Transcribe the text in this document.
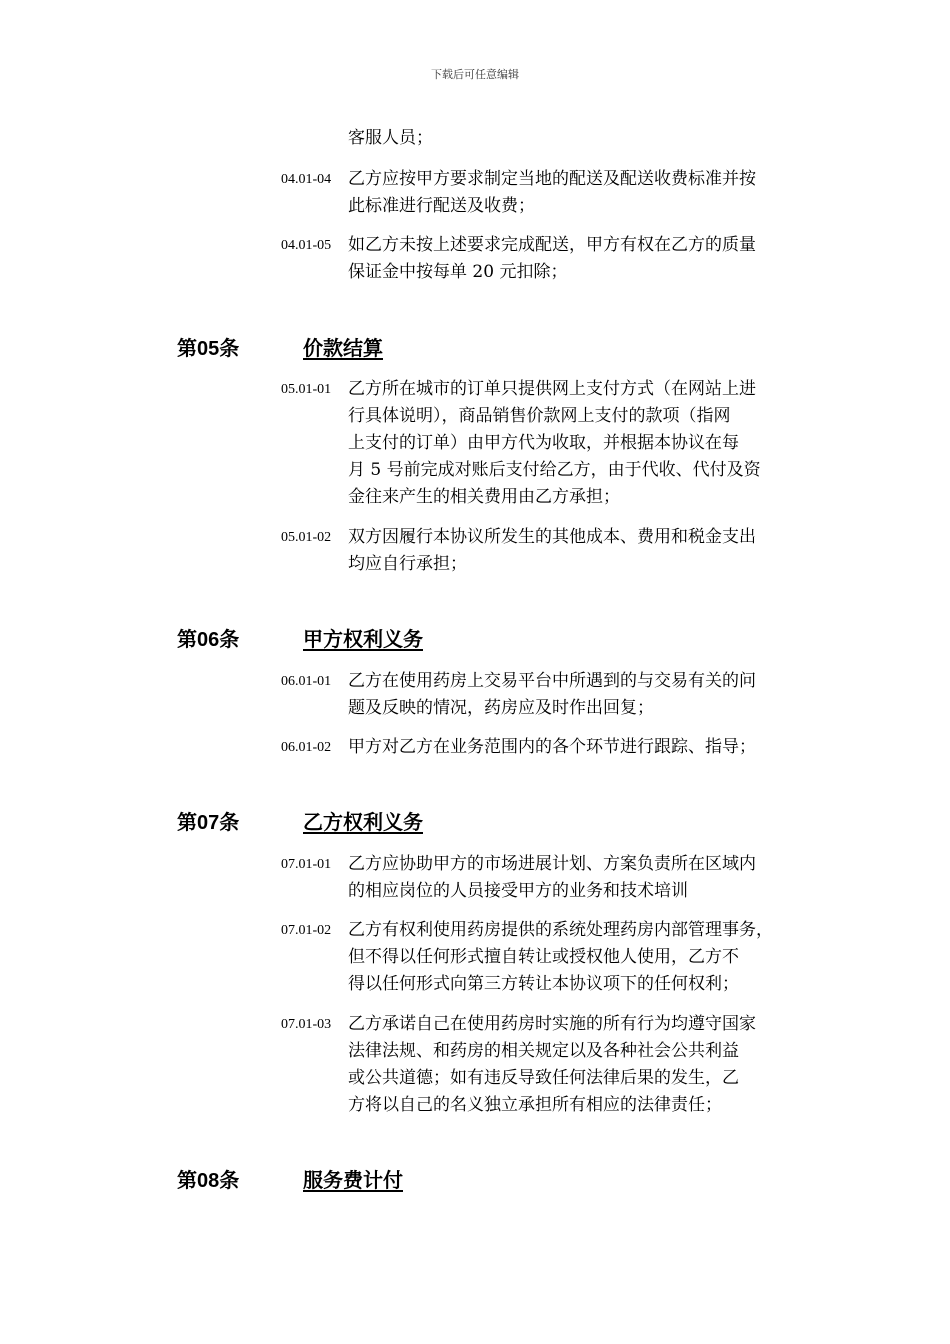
下载后可任意编辑
客服人员；
04.01-04 乙方应按甲方要求制定当地的配送及配送收费标准并按
此标准进行配送及收费；
04.01-05 如乙方未按上述要求完成配送，甲方有权在乙方的质量
保证金中按每单 20 元扣除；
第05条	价款结算
05.01-01 乙方所在城市的订单只提供网上支付方式（在网站上进
行具体说明），商品销售价款网上支付的款项（指网
上支付的订单）由甲方代为收取，并根据本协议在每
月 5 号前完成对账后支付给乙方，由于代收、代付及资
金往来产生的相关费用由乙方承担；
05.01-02 双方因履行本协议所发生的其他成本、费用和税金支出
均应自行承担；
第06条	甲方权利义务
06.01-01 乙方在使用药房上交易平台中所遇到的与交易有关的问
题及反映的情况，药房应及时作出回复；
06.01-02 甲方对乙方在业务范围内的各个环节进行跟踪、指导；
第07条	乙方权利义务
07.01-01 乙方应协助甲方的市场进展计划、方案负责所在区域内
的相应岗位的人员接受甲方的业务和技术培训
07.01-02 乙方有权利使用药房提供的系统处理药房内部管理事务，
但不得以任何形式擅自转让或授权他人使用，乙方不
得以任何形式向第三方转让本协议项下的任何权利；
07.01-03 乙方承诺自己在使用药房时实施的所有行为均遵守国家
法律法规、和药房的相关规定以及各种社会公共利益
或公共道德；如有违反导致任何法律后果的发生，乙
方将以自己的名义独立承担所有相应的法律责任；
第08条	服务费计付
